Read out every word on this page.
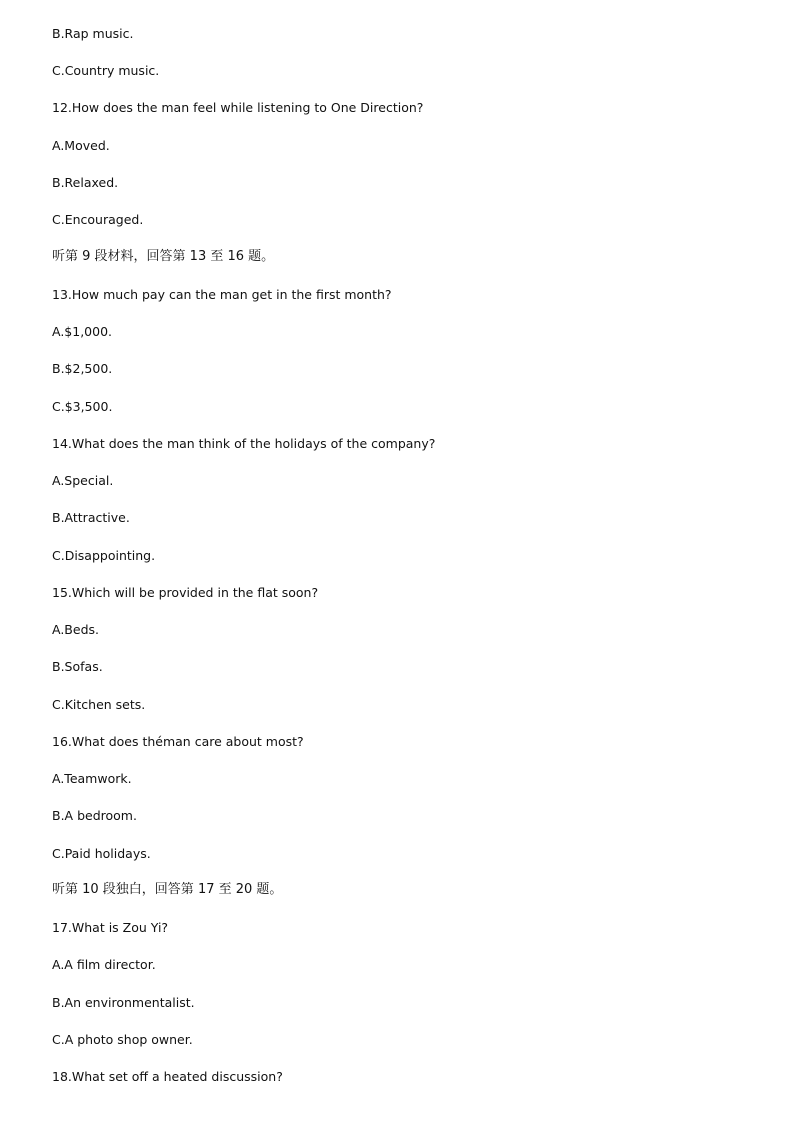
B.Rap music.
C.Country music.
12.How does the man feel while listening to One Direction?
A.Moved.
B.Relaxed.
C.Encouraged.
听第 9 段材料，回答第 13 至 16 题。
13.How much pay can the man get in the first month?
A.$1,000.
B.$2,500.
C.$3,500.
14.What does the man think of the holidays of the company?
A.Special.
B.Attractive.
C.Disappointing.
15.Which will be provided in the flat soon?
A.Beds.
B.Sofas.
C.Kitchen sets.
16.What does théman care about most?
A.Teamwork.
B.A bedroom.
C.Paid holidays.
听第 10 段独白，回答第 17 至 20 题。
17.What is Zou Yi?
A.A film director.
B.An environmentalist.
C.A photo shop owner.
18.What set off a heated discussion?
